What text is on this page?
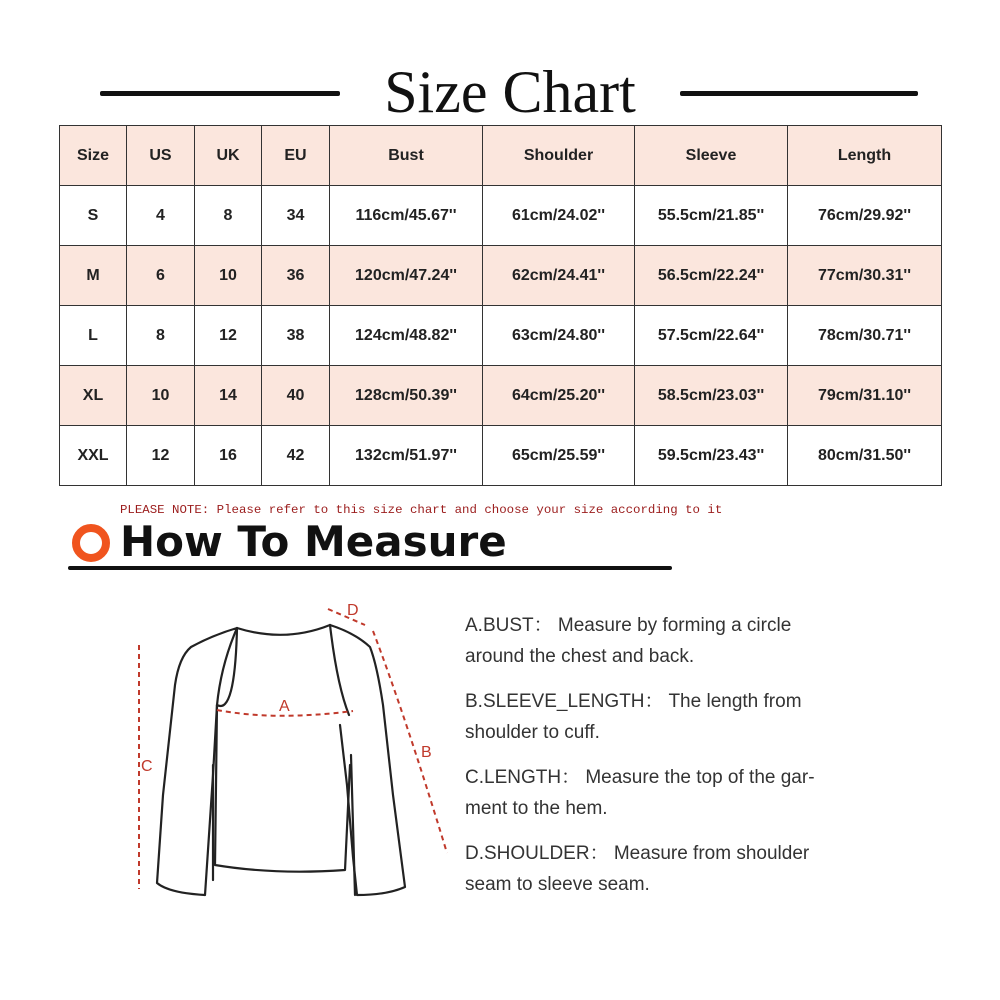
Size Chart
Size	US	UK	EU	Bust	Shoulder	Sleeve	Length
S	4	8	34	116cm/45.67''	61cm/24.02''	55.5cm/21.85''	76cm/29.92''
M	6	10	36	120cm/47.24''	62cm/24.41''	56.5cm/22.24''	77cm/30.31''
L	8	12	38	124cm/48.82''	63cm/24.80''	57.5cm/22.64''	78cm/30.71''
XL	10	14	40	128cm/50.39''	64cm/25.20''	58.5cm/23.03''	79cm/31.10''
XXL	12	16	42	132cm/51.97''	65cm/25.59''	59.5cm/23.43''	80cm/31.50''
PLEASE NOTE: Please refer to this size chart and choose your size according to it
How To Measure
A
B
C
D
A.BUST： Measure by forming a circle
around the chest and back.
B.SLEEVE_LENGTH： The length from
shoulder to cuff.
C.LENGTH： Measure the top of the gar-
ment to the hem.
D.SHOULDER： Measure from shoulder
seam to sleeve seam.
